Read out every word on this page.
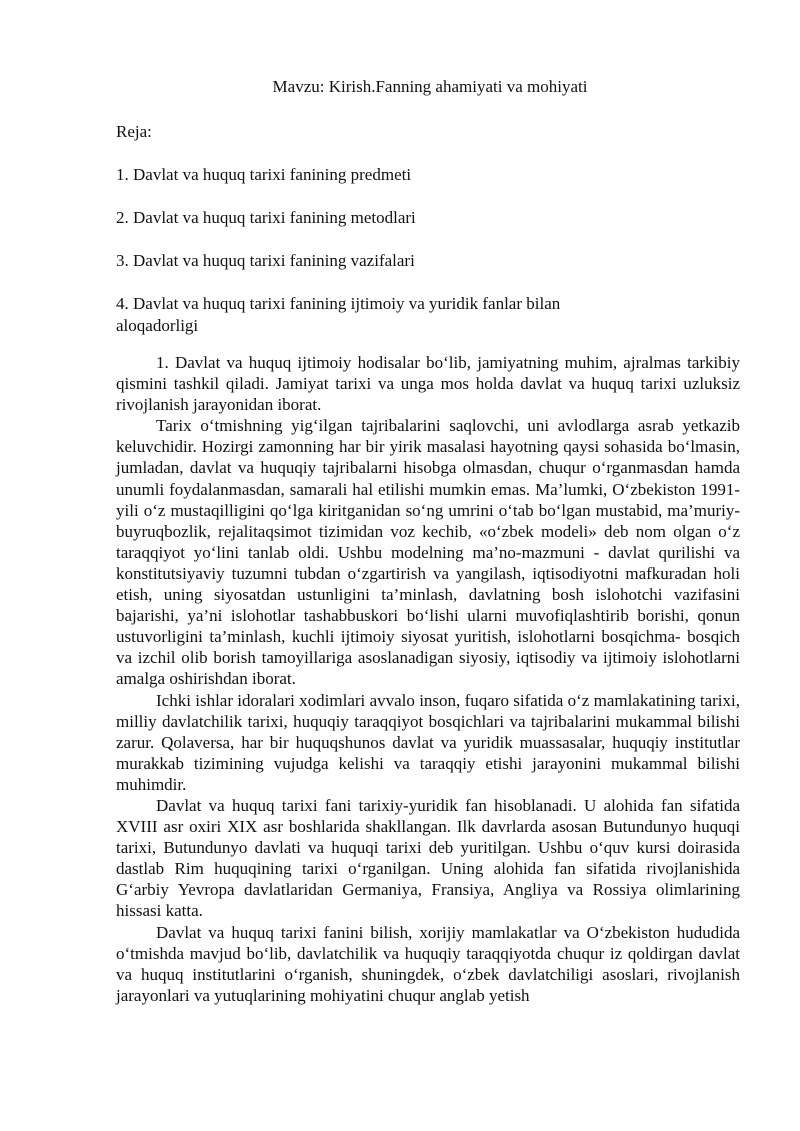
Mavzu: Kirish.Fanning ahamiyati va mohiyati
Reja:
1. Davlat va huquq tarixi fanining predmeti
2. Davlat va huquq tarixi fanining metodlari
3. Davlat va huquq tarixi fanining vazifalari
4. Davlat va huquq tarixi fanining ijtimoiy va yuridik fanlar bilan aloqadorligi

1. Davlat va huquq ijtimoiy hodisalar bo‘lib, jamiyatning muhim, ajralmas tarkibiy qismini tashkil qiladi. Jamiyat tarixi va unga mos holda davlat va huquq tarixi uzluksiz rivojlanish jarayonidan iborat.

Tarix o‘tmishning yig‘ilgan tajribalarini saqlovchi, uni avlodlarga asrab yetkazib keluvchidir. Hozirgi zamonning har bir yirik masalasi hayotning qaysi sohasida bo‘lmasin, jumladan, davlat va huquqiy tajribalarni hisobga olmasdan, chuqur o‘rganmasdan hamda unumli foydalanmasdan, samarali hal etilishi mumkin emas. Ma’lumki, O‘zbekiston 1991-yili o‘z mustaqilligini qo‘lga kiritganidan so‘ng umrini o‘tab bo‘lgan mustabid, ma’muriy-buyruqbozlik, rejalitaqsimot tizimidan voz kechib, «o‘zbek modeli» deb nom olgan o‘z taraqqiyot yo‘lini tanlab oldi. Ushbu modelning ma’no-mazmuni - davlat qurilishi va konstitutsiyaviy tuzumni tubdan o‘zgartirish va yangilash, iqtisodiyotni mafkuradan holi etish, uning siyosatdan ustunligini ta’minlash, davlatning bosh islohotchi vazifasini bajarishi, ya’ni islohotlar tashabbuskori bo‘lishi ularni muvofiqlashtirib borishi, qonun ustuvorligini ta’minlash, kuchli ijtimoiy siyosat yuritish, islohotlarni bosqichma- bosqich va izchil olib borish tamoyillariga asoslanadigan siyosiy, iqtisodiy va ijtimoiy islohotlarni amalga oshirishdan iborat.

Ichki ishlar idoralari xodimlari avvalo inson, fuqaro sifatida o‘z mamlakatining tarixi, milliy davlatchilik tarixi, huquqiy taraqqiyot bosqichlari va tajribalarini mukammal bilishi zarur. Qolaversa, har bir huquqshunos davlat va yuridik muassasalar, huquqiy institutlar murakkab tizimining vujudga kelishi va taraqqiy etishi jarayonini mukammal bilishi muhimdir.

Davlat va huquq tarixi fani tarixiy-yuridik fan hisoblanadi. U alohida fan sifatida XVIII asr oxiri XIX asr boshlarida shakllangan. Ilk davrlarda asosan Butundunyo huquqi tarixi, Butundunyo davlati va huquqi tarixi deb yuritilgan. Ushbu o‘quv kursi doirasida dastlab Rim huquqining tarixi o‘rganilgan. Uning alohida fan sifatida rivojlanishida G‘arbiy Yevropa davlatlaridan Germaniya, Fransiya, Angliya va Rossiya olimlarining hissasi katta.

Davlat va huquq tarixi fanini bilish, xorijiy mamlakatlar va O‘zbekiston hududida o‘tmishda mavjud bo‘lib, davlatchilik va huquqiy taraqqiyotda chuqur iz qoldirgan davlat va huquq institutlarini o‘rganish, shuningdek, o‘zbek davlatchiligi asoslari, rivojlanish jarayonlari va yutuqlarining mohiyatini chuqur anglab yetish
